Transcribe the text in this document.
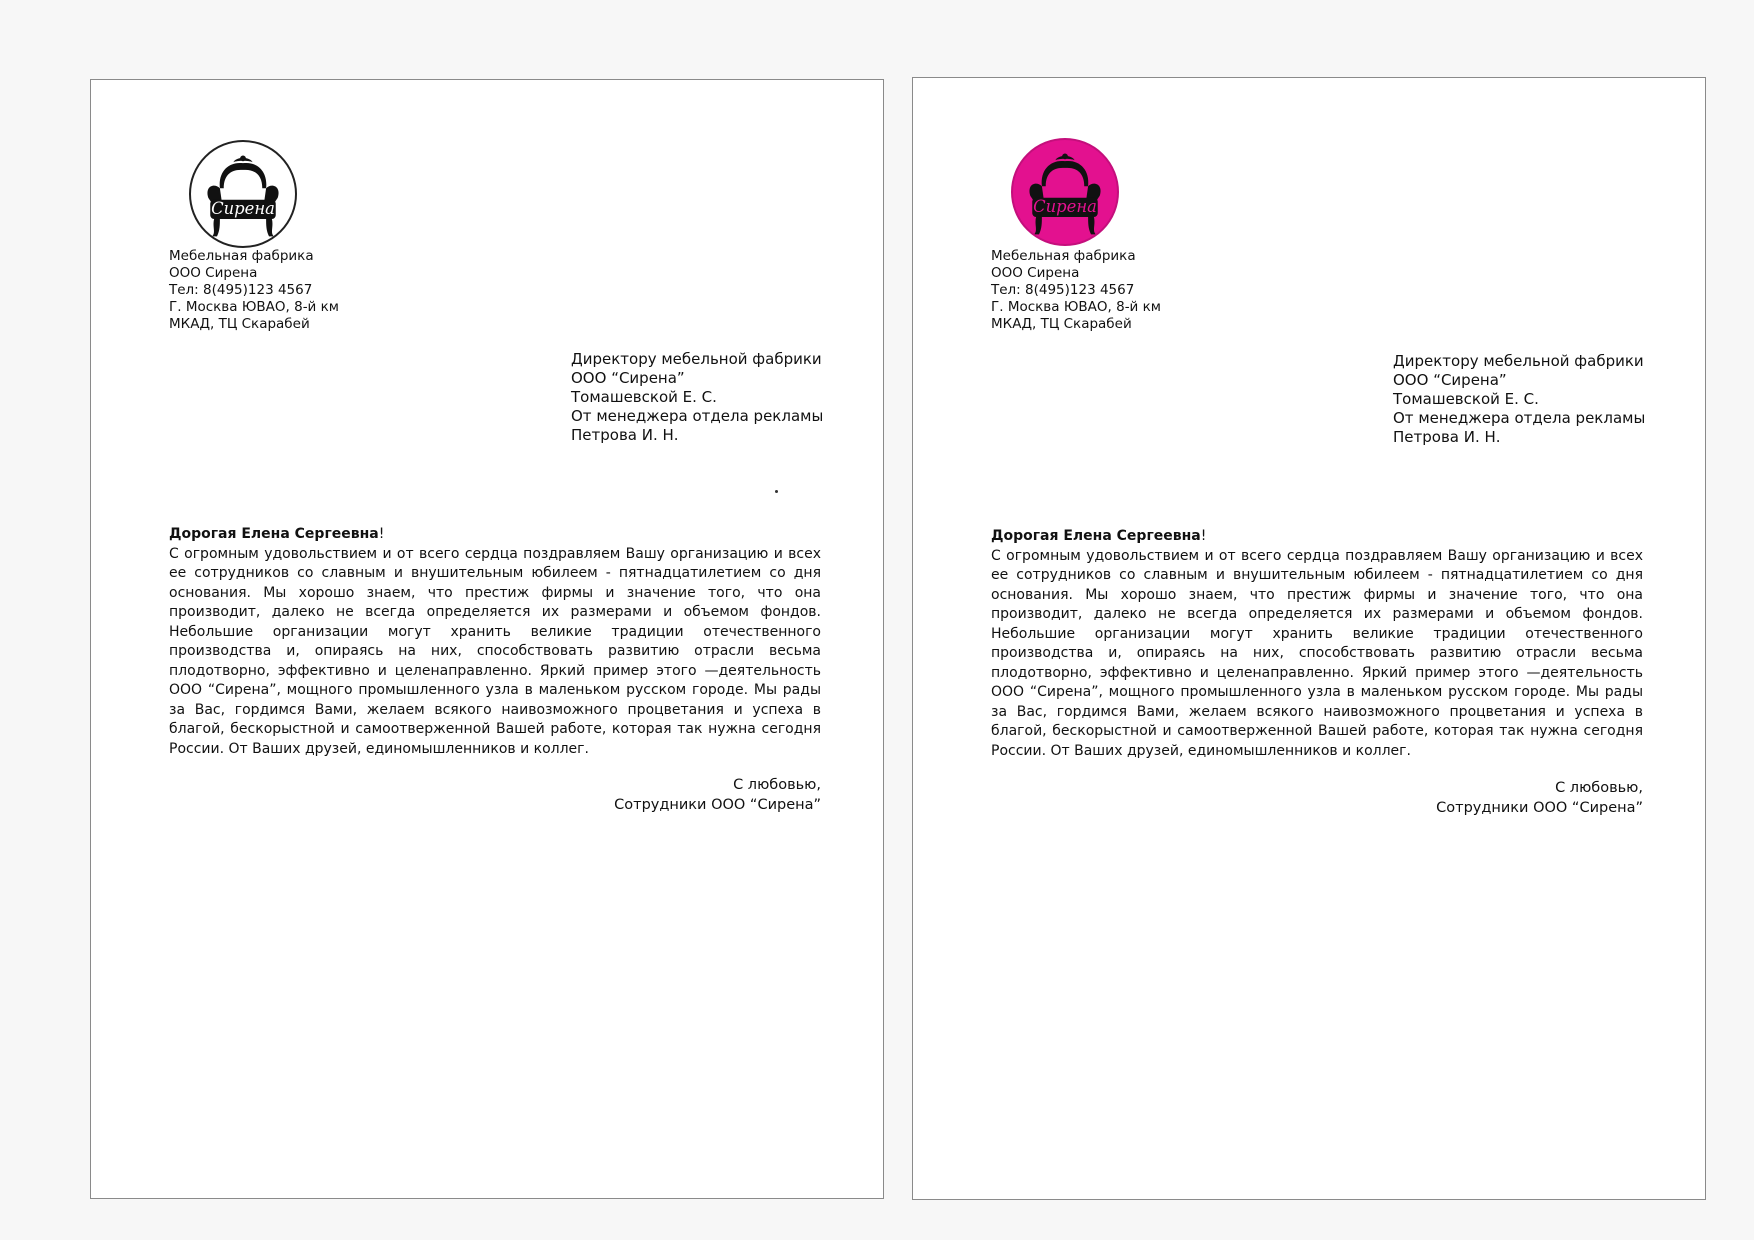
Сирена
Мебельная фабрика
ООО Сирена
Тел: 8(495)123 4567
Г. Москва ЮВАО, 8-й км
МКАД, ТЦ Скарабей
Директору мебельной фабрики
ООО “Сирена”
Томашевской Е. С.
От менеджера отдела рекламы
Петрова И. Н.
Дорогая Елена Сергеевна!

С огромным удовольствием и от всего сердца поздравляем Вашу организацию и всех ее сотрудников со славным и внушительным юбилеем - пятнадцатилетием со дня основания. Мы хорошо знаем, что престиж фирмы и значение того, что она производит, далеко не всегда определяется их размерами и объемом фондов. Небольшие организации могут хранить великие традиции отечественного производства и, опираясь на них, способствовать развитию отрасли весьма плодотворно, эффективно и целенаправленно. Яркий пример этого —деятельность ООО “Сирена”, мощного промышленного узла в маленьком русском городе. Мы рады за Вас, гордимся Вами, желаем всякого наивозможного процветания и успеха в благой, бескорыстной и самоотверженной Вашей работе, которая так нужна сегодня России. От Ваших друзей, единомышленников и коллег.

С любовью,
Сотрудники ООО “Сирена”
Сирена
Мебельная фабрика
ООО Сирена
Тел: 8(495)123 4567
Г. Москва ЮВАО, 8-й км
МКАД, ТЦ Скарабей
Директору мебельной фабрики
ООО “Сирена”
Томашевской Е. С.
От менеджера отдела рекламы
Петрова И. Н.
Дорогая Елена Сергеевна!

С огромным удовольствием и от всего сердца поздравляем Вашу организацию и всех ее сотрудников со славным и внушительным юбилеем - пятнадцатилетием со дня основания. Мы хорошо знаем, что престиж фирмы и значение того, что она производит, далеко не всегда определяется их размерами и объемом фондов. Небольшие организации могут хранить великие традиции отечественного производства и, опираясь на них, способствовать развитию отрасли весьма плодотворно, эффективно и целенаправленно. Яркий пример этого —деятельность ООО “Сирена”, мощного промышленного узла в маленьком русском городе. Мы рады за Вас, гордимся Вами, желаем всякого наивозможного процветания и успеха в благой, бескорыстной и самоотверженной Вашей работе, которая так нужна сегодня России. От Ваших друзей, единомышленников и коллег.

С любовью,
Сотрудники ООО “Сирена”
